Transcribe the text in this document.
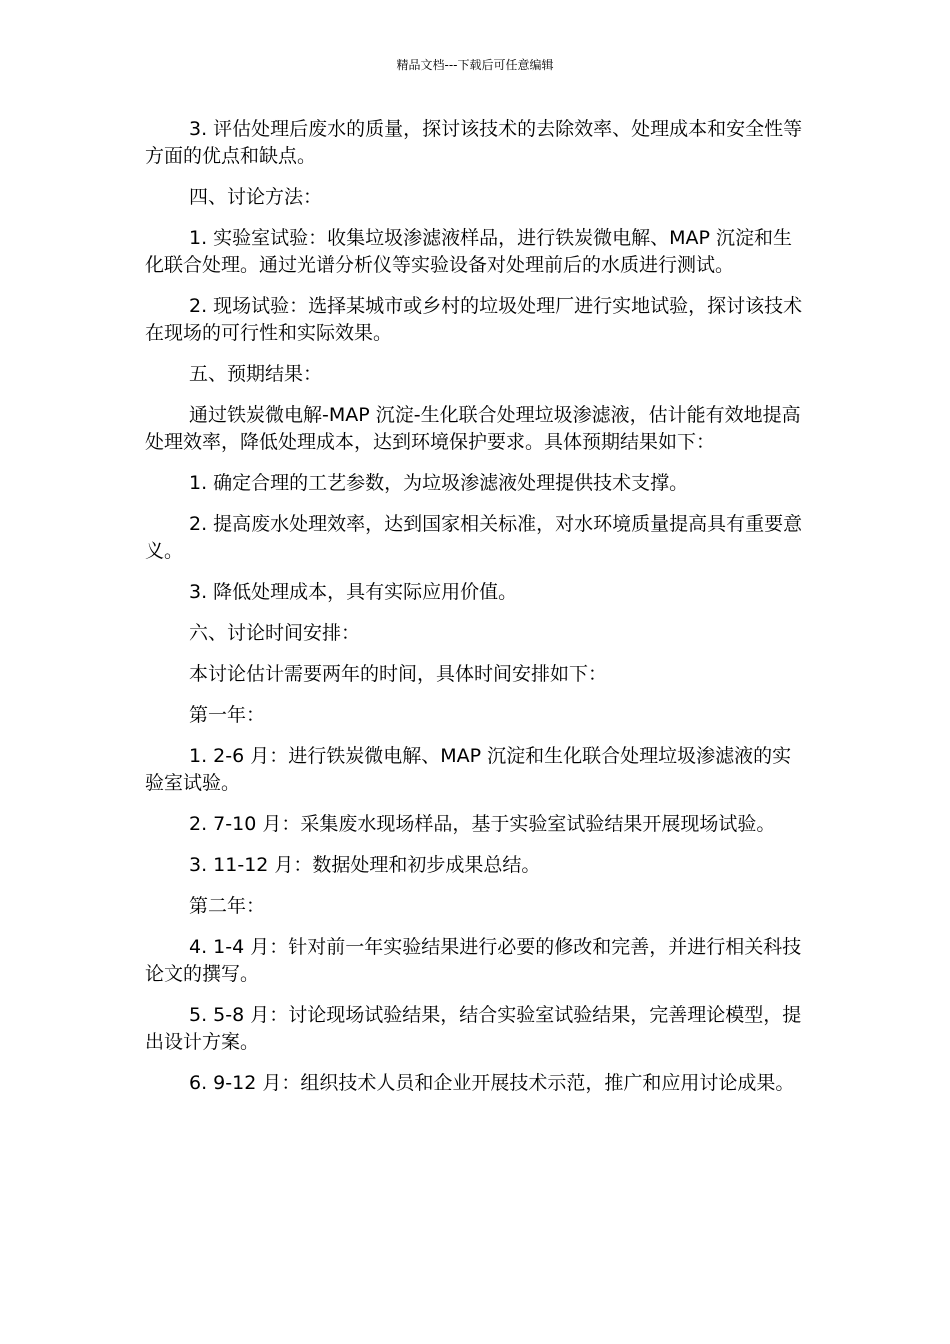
精品文档---下载后可任意编辑

3. 评估处理后废水的质量，探讨该技术的去除效率、处理成本和安全性等方面的优点和缺点。

四、讨论方法：

1. 实验室试验：收集垃圾渗滤液样品，进行铁炭微电解、MAP 沉淀和生化联合处理。通过光谱分析仪等实验设备对处理前后的水质进行测试。

2. 现场试验：选择某城市或乡村的垃圾处理厂进行实地试验，探讨该技术在现场的可行性和实际效果。

五、预期结果：

通过铁炭微电解-MAP 沉淀-生化联合处理垃圾渗滤液，估计能有效地提高处理效率，降低处理成本，达到环境保护要求。具体预期结果如下：

1. 确定合理的工艺参数，为垃圾渗滤液处理提供技术支撑。

2. 提高废水处理效率，达到国家相关标准，对水环境质量提高具有重要意义。

3. 降低处理成本，具有实际应用价值。

六、讨论时间安排：

本讨论估计需要两年的时间，具体时间安排如下：

第一年：

1. 2-6 月：进行铁炭微电解、MAP 沉淀和生化联合处理垃圾渗滤液的实验室试验。

2. 7-10 月：采集废水现场样品，基于实验室试验结果开展现场试验。

3. 11-12 月：数据处理和初步成果总结。

第二年：

4. 1-4 月：针对前一年实验结果进行必要的修改和完善，并进行相关科技论文的撰写。

5. 5-8 月：讨论现场试验结果，结合实验室试验结果，完善理论模型，提出设计方案。

6. 9-12 月：组织技术人员和企业开展技术示范，推广和应用讨论成果。
